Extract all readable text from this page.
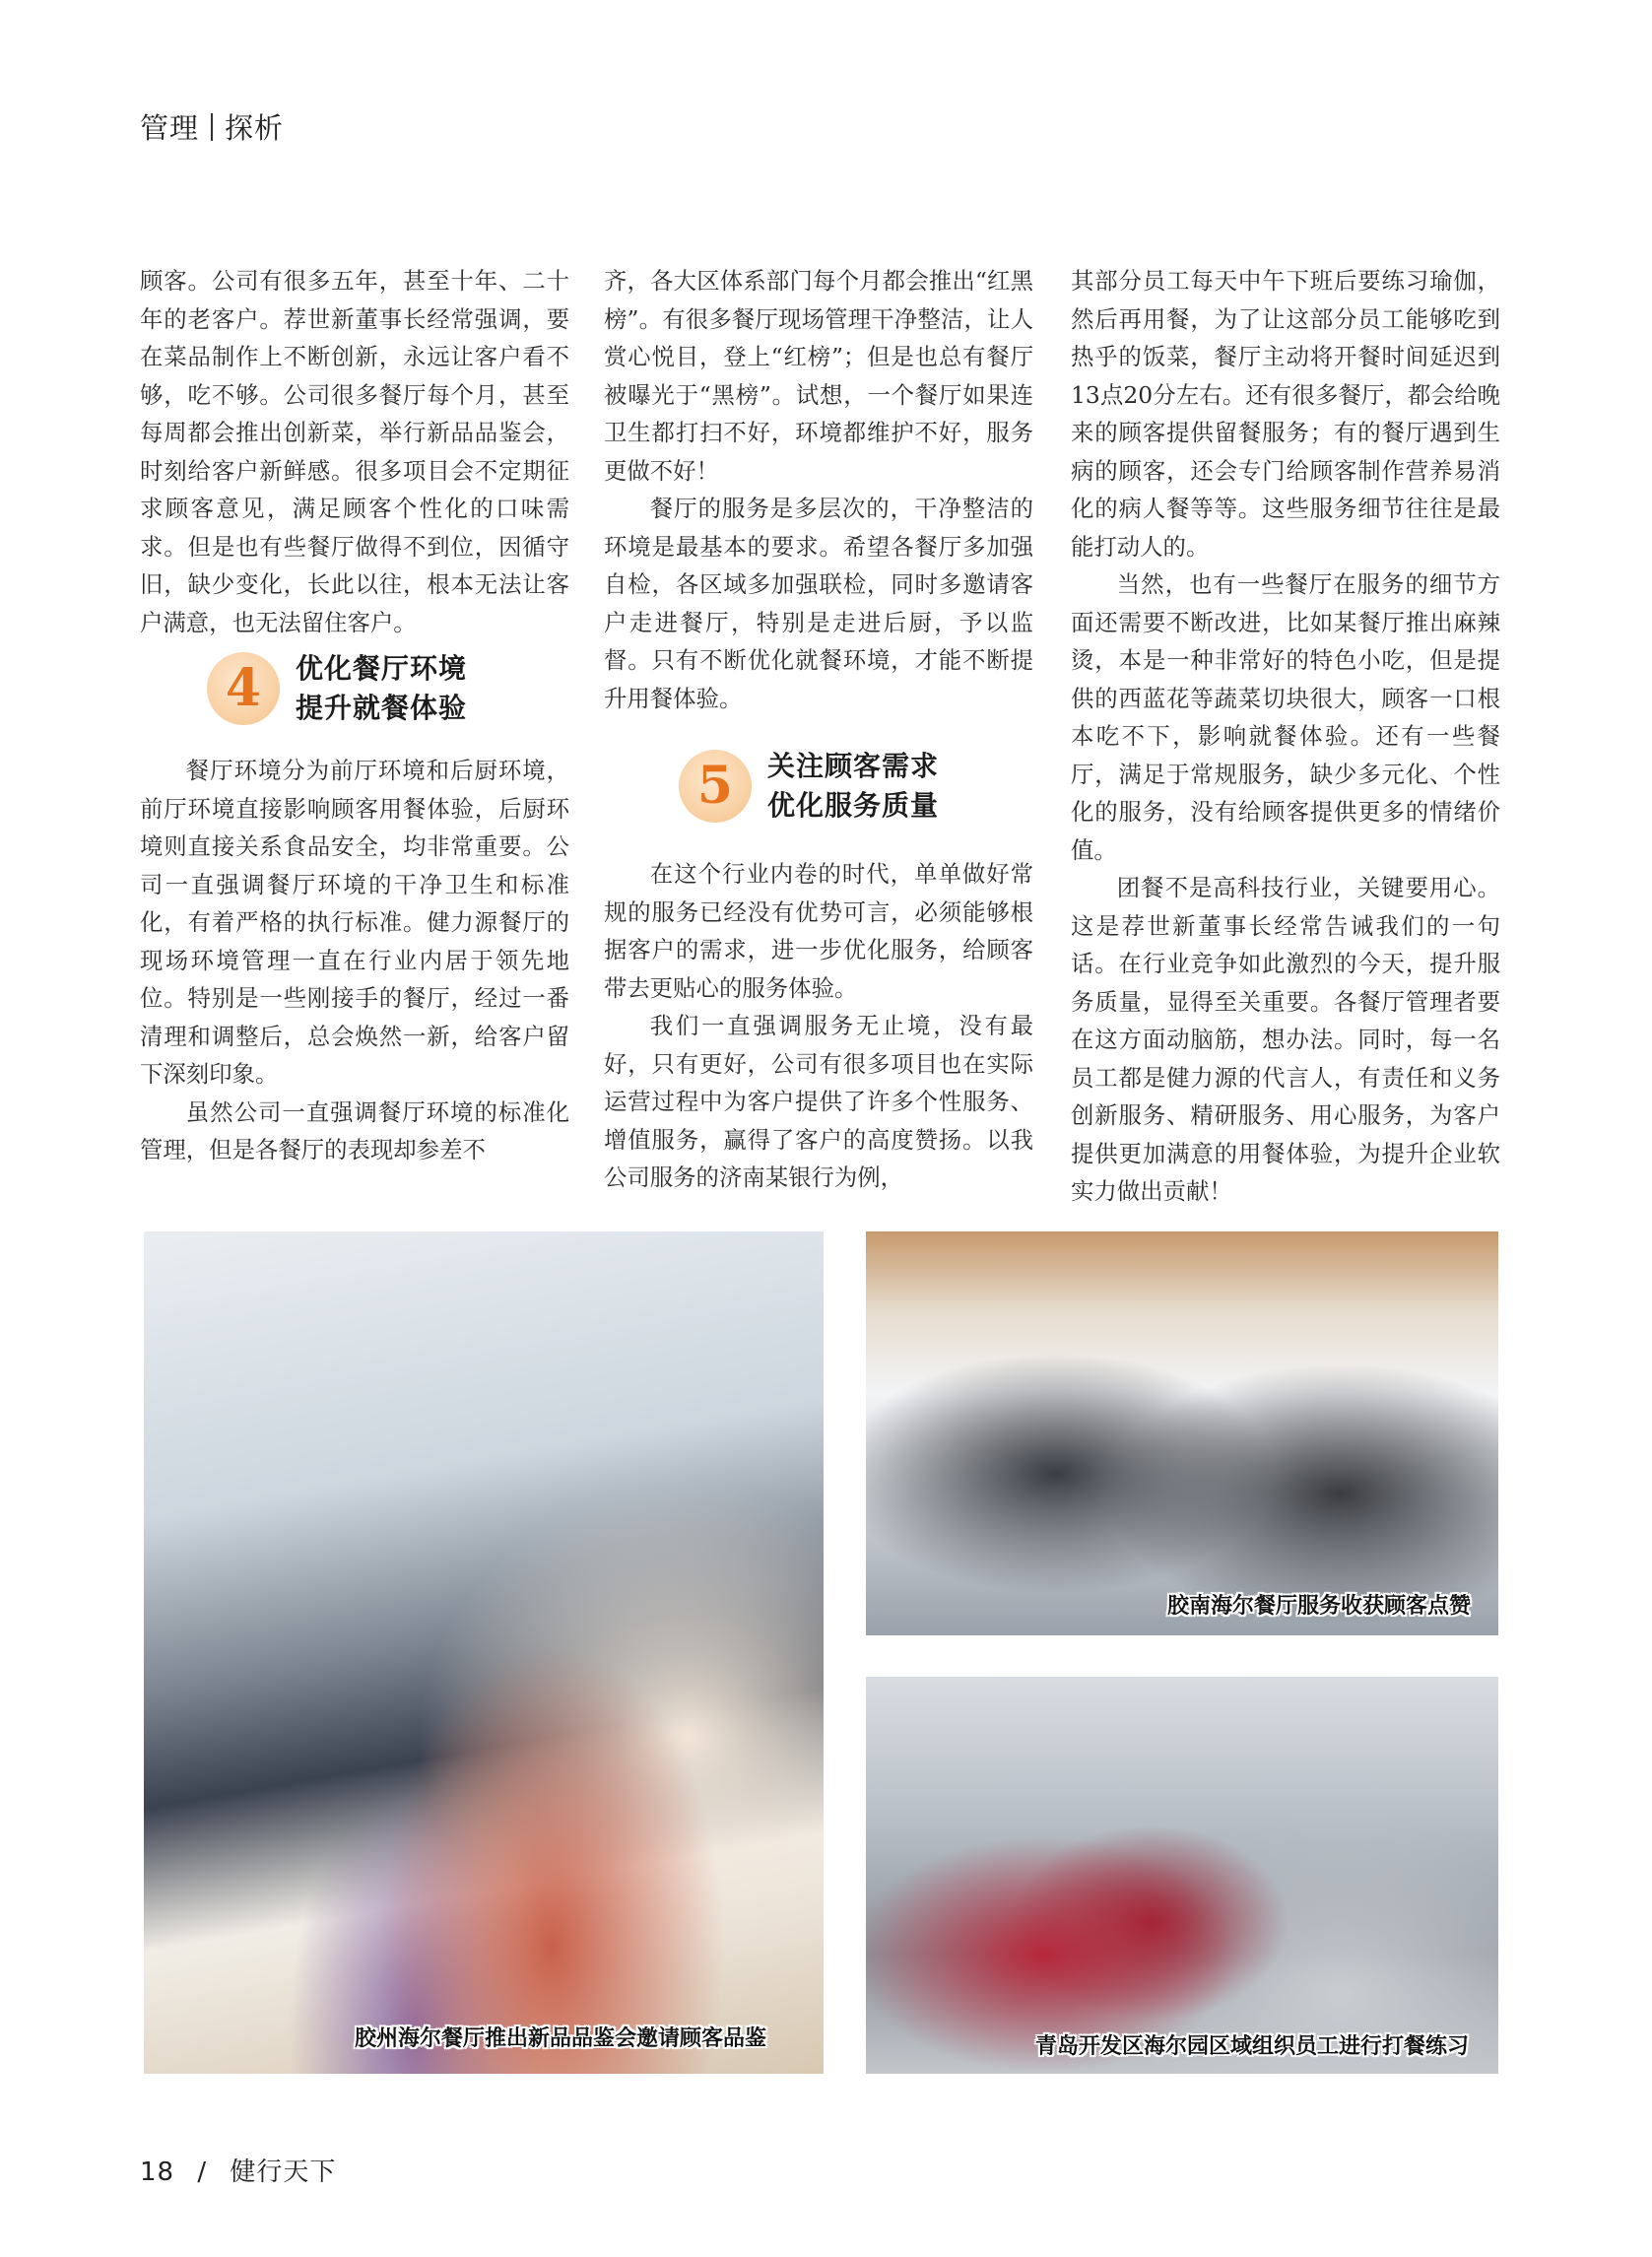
管理 探析

顾客。公司有很多五年，甚至十年、二十年的老客户。荐世新董事长经常强调，要在菜品制作上不断创新，永远让客户看不够，吃不够。公司很多餐厅每个月，甚至每周都会推出创新菜，举行新品品鉴会，时刻给客户新鲜感。很多项目会不定期征求顾客意见，满足顾客个性化的口味需求。但是也有些餐厅做得不到位，因循守旧，缺少变化，长此以往，根本无法让客户满意，也无法留住客户。

4	优化餐厅环境
提升就餐体验

餐厅环境分为前厅环境和后厨环境，前厅环境直接影响顾客用餐体验，后厨环境则直接关系食品安全，均非常重要。公司一直强调餐厅环境的干净卫生和标准化，有着严格的执行标准。健力源餐厅的现场环境管理一直在行业内居于领先地位。特别是一些刚接手的餐厅，经过一番清理和调整后，总会焕然一新，给客户留下深刻印象。

虽然公司一直强调餐厅环境的标准化管理，但是各餐厅的表现却参差不

齐，各大区体系部门每个月都会推出“红黑榜”。有很多餐厅现场管理干净整洁，让人赏心悦目，登上“红榜”；但是也总有餐厅被曝光于“黑榜”。试想，一个餐厅如果连卫生都打扫不好，环境都维护不好，服务更做不好！

餐厅的服务是多层次的，干净整洁的环境是最基本的要求。希望各餐厅多加强自检，各区域多加强联检，同时多邀请客户走进餐厅，特别是走进后厨，予以监督。只有不断优化就餐环境，才能不断提升用餐体验。

5	关注顾客需求
优化服务质量

在这个行业内卷的时代，单单做好常规的服务已经没有优势可言，必须能够根据客户的需求，进一步优化服务，给顾客带去更贴心的服务体验。

我们一直强调服务无止境，没有最好，只有更好，公司有很多项目也在实际运营过程中为客户提供了许多个性服务、增值服务，赢得了客户的高度赞扬。以我公司服务的济南某银行为例，

其部分员工每天中午下班后要练习瑜伽，然后再用餐，为了让这部分员工能够吃到热乎的饭菜，餐厅主动将开餐时间延迟到13点20分左右。还有很多餐厅，都会给晚来的顾客提供留餐服务；有的餐厅遇到生病的顾客，还会专门给顾客制作营养易消化的病人餐等等。这些服务细节往往是最能打动人的。

当然，也有一些餐厅在服务的细节方面还需要不断改进，比如某餐厅推出麻辣烫，本是一种非常好的特色小吃，但是提供的西蓝花等蔬菜切块很大，顾客一口根本吃不下，影响就餐体验。还有一些餐厅，满足于常规服务，缺少多元化、个性化的服务，没有给顾客提供更多的情绪价值。

团餐不是高科技行业，关键要用心。这是荐世新董事长经常告诫我们的一句话。在行业竞争如此激烈的今天，提升服务质量，显得至关重要。各餐厅管理者要在这方面动脑筋，想办法。同时，每一名员工都是健力源的代言人，有责任和义务创新服务、精研服务、用心服务，为客户提供更加满意的用餐体验，为提升企业软实力做出贡献！

胶州海尔餐厅推出新品品鉴会邀请顾客品鉴
胶南海尔餐厅服务收获顾客点赞
青岛开发区海尔园区域组织员工进行打餐练习
18 / 健行天下
